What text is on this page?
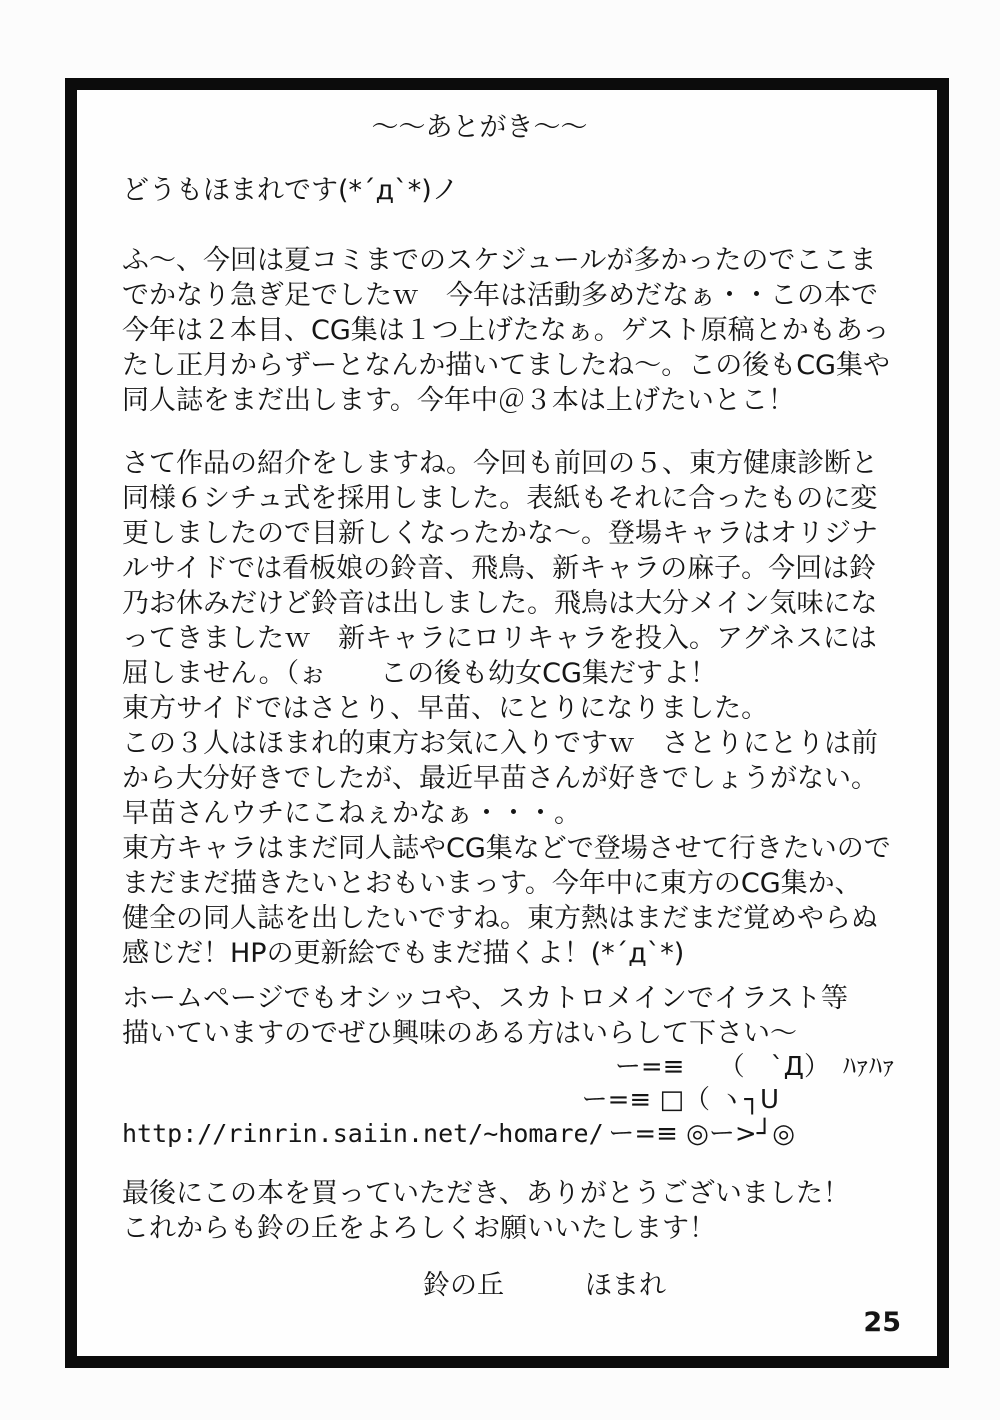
～～あとがき～～
どうもほまれです(*´д`*)ノ
ふ～、今回は夏コミまでのスケジュールが多かったのでここま
でかなり急ぎ足でしたｗ　今年は活動多めだなぁ・・この本で
今年は２本目、CG集は１つ上げたなぁ。ゲスト原稿とかもあっ
たし正月からずーとなんか描いてましたね～。この後もCG集や
同人誌をまだ出します。今年中＠３本は上げたいとこ！
さて作品の紹介をしますね。今回も前回の５、東方健康診断と
同様６シチュ式を採用しました。表紙もそれに合ったものに変
更しましたので目新しくなったかな～。登場キャラはオリジナ
ルサイドでは看板娘の鈴音、飛鳥、新キャラの麻子。今回は鈴
乃お休みだけど鈴音は出しました。飛鳥は大分メイン気味にな
ってきましたｗ　新キャラにロリキャラを投入。アグネスには
屈しません。（ぉ　　この後も幼女CG集だすよ！
東方サイドではさとり、早苗、にとりになりました。
この３人はほまれ的東方お気に入りですｗ　さとりにとりは前
から大分好きでしたが、最近早苗さんが好きでしょうがない。
早苗さんウチにこねぇかなぁ・・・。
東方キャラはまだ同人誌やCG集などで登場させて行きたいので
まだまだ描きたいとおもいまっす。今年中に東方のCG集か、
健全の同人誌を出したいですね。東方熱はまだまだ覚めやらぬ
感じだ！HPの更新絵でもまだ描くよ！(*´д`*)
ホームページでもオシッコや、スカトロメインでイラスト等
描いていますのでぜひ興味のある方はいらして下さい～
ー=≡　 （　`Д）　ﾊｧﾊｧ
ー=≡ □（ ヽ┐U
http://rinrin.saiin.net/~homare/ ー=≡ ◎ー>┘◎
最後にこの本を買っていただき、ありがとうございました！
これからも鈴の丘をよろしくお願いいたします！
鈴の丘　　　ほまれ
25
